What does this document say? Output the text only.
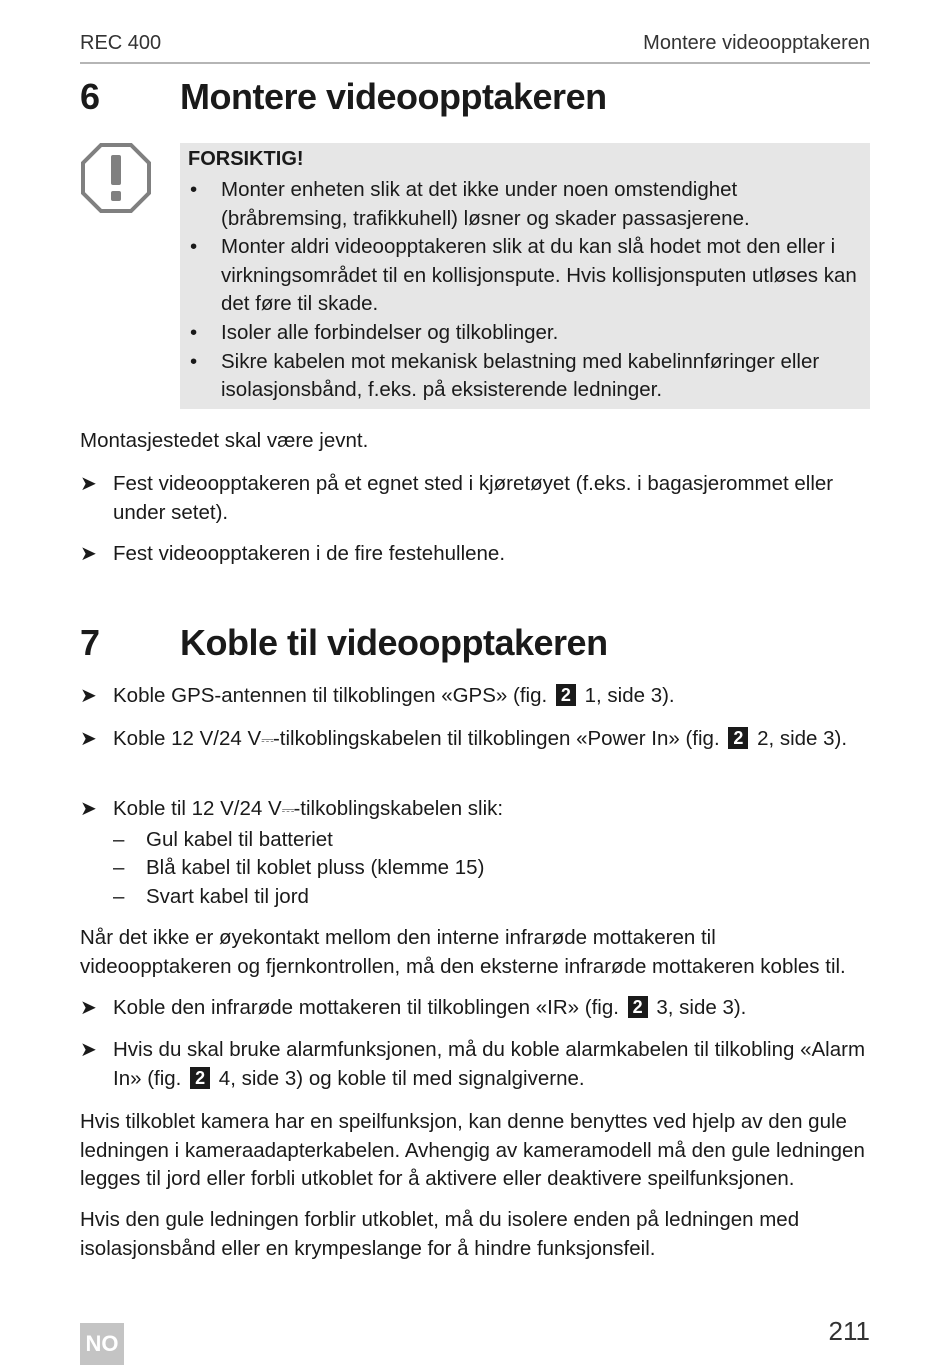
REC 400	Montere videoopptakeren
6 Montere videoopptakeren
FORSIKTIG!
• Monter enheten slik at det ikke under noen omstendighet (bråbremsing, trafikkuhell) løsner og skader passasjerene.
• Monter aldri videoopptakeren slik at du kan slå hodet mot den eller i virkningsområdet til en kollisjonspute. Hvis kollisjonsputen utløses kan det føre til skade.
• Isoler alle forbindelser og tilkoblinger.
• Sikre kabelen mot mekanisk belastning med kabelinnføringer eller isolasjonsbånd, f.eks. på eksisterende ledninger.
Montasjestedet skal være jevnt.
➤ Fest videoopptakeren på et egnet sted i kjøretøyet (f.eks. i bagasjerommet eller under setet).
➤ Fest videoopptakeren i de fire festehullene.
7 Koble til videoopptakeren
➤ Koble GPS-antennen til tilkoblingen «GPS» (fig. 2 1, side 3).
➤ Koble 12 V/24 V⎓-tilkoblingskabelen til tilkoblingen «Power In» (fig. 2 2, side 3).
➤ Koble til 12 V/24 V⎓-tilkoblingskabelen slik:
– Gul kabel til batteriet
– Blå kabel til koblet pluss (klemme 15)
– Svart kabel til jord
Når det ikke er øyekontakt mellom den interne infrarøde mottakeren til videoopptakeren og fjernkontrollen, må den eksterne infrarøde mottakeren kobles til.
➤ Koble den infrarøde mottakeren til tilkoblingen «IR» (fig. 2 3, side 3).
➤ Hvis du skal bruke alarmfunksjonen, må du koble alarmkabelen til tilkobling «Alarm In» (fig. 2 4, side 3) og koble til med signalgiverne.
Hvis tilkoblet kamera har en speilfunksjon, kan denne benyttes ved hjelp av den gule ledningen i kameraadapterkabelen. Avhengig av kameramodell må den gule ledningen legges til jord eller forbli utkoblet for å aktivere eller deaktivere speilfunksjonen.
Hvis den gule ledningen forblir utkoblet, må du isolere enden på ledningen med isolasjonsbånd eller en krympeslange for å hindre funksjonsfeil.
NO	211
